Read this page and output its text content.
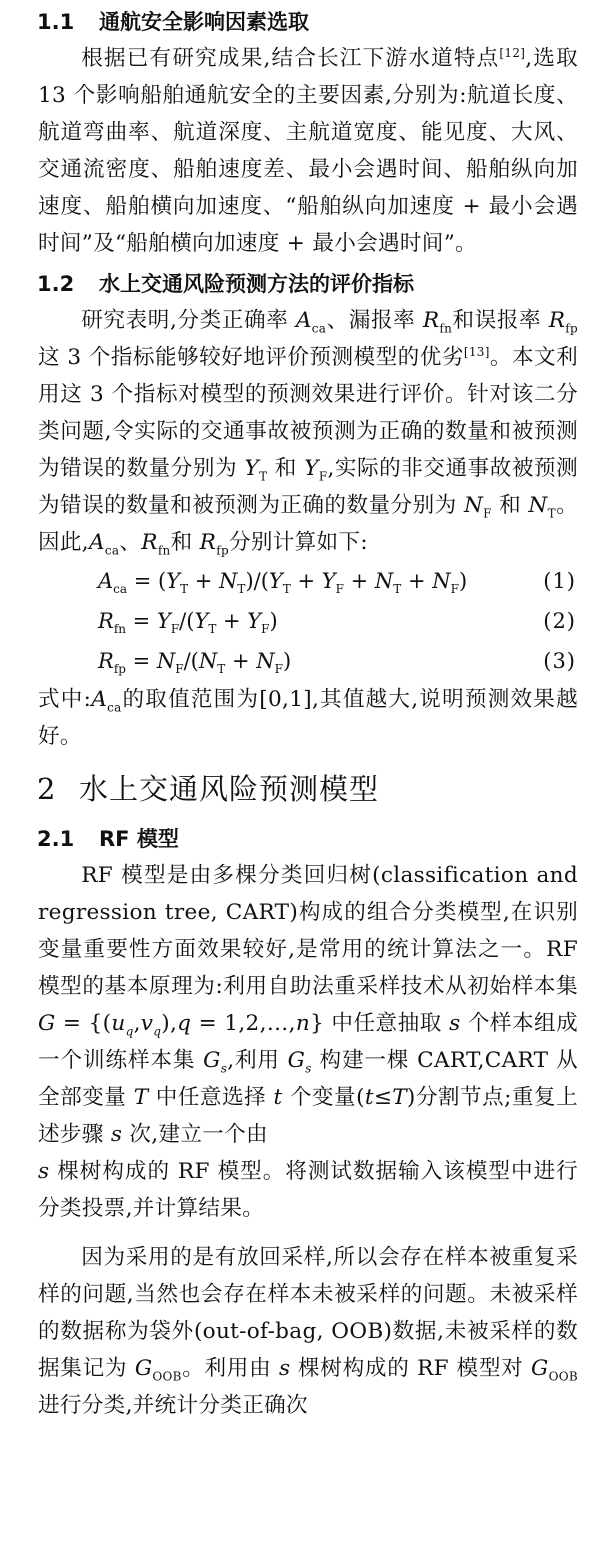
1.1 通航安全影响因素选取

根据已有研究成果,结合长江下游水道特点[12],选取 13 个影响船舶通航安全的主要因素,分别为:航道长度、航道弯曲率、航道深度、主航道宽度、能见度、大风、交通流密度、船舶速度差、最小会遇时间、船舶纵向加速度、船舶横向加速度、“船舶纵向加速度 + 最小会遇时间”及“船舶横向加速度 + 最小会遇时间”。

1.2 水上交通风险预测方法的评价指标

研究表明,分类正确率 $A_{ca}$、漏报率 $R_{fn}$和误报率 $R_{fp}$这 3 个指标能够较好地评价预测模型的优劣[13]。本文利用这 3 个指标对模型的预测效果进行评价。针对该二分类问题,令实际的交通事故被预测为正确的数量和被预测为错误的数量分别为 $Y_T$ 和 $Y_F$,实际的非交通事故被预测为错误的数量和被预测为正确的数量分别为 $N_F$ 和 $N_T$。因此$,A_{ca}$、$R_{fn}$和 $R_{fp}$分别计算如下:

$A_{ca} = (Y_T + N_T)/(Y_T + Y_F + N_T + N_F)$	(1)
$R_{fn} = Y_F/(Y_T + Y_F)$	(2)
$R_{fp} = N_F/(N_T + N_F)$	(3)

式中$:A_{ca}$的取值范围为[0,1],其值越大,说明预测效果越好。

2 水上交通风险预测模型
2.1 RF 模型

RF 模型是由多棵分类回归树(classification and regression tree, CART)构成的组合分类模型,在识别变量重要性方面效果较好,是常用的统计算法之一。RF 模型的基本原理为:利用自助法重采样技术从初始样本集 $G = \{(u_q,v_q),q$ = 1,2,…,n} 中任意抽取 s 个样本组成一个训练样本集 $G_s$,利用 $G_s$ 构建一棵 CART,CART 从全部变量 T 中任意选择 t 个变量(t≤T)分割节点;重复上述步骤 s 次,建立一个由
s 棵树构成的 RF 模型。将测试数据输入该模型中进行分类投票,并计算结果。

因为采用的是有放回采样,所以会存在样本被重复采样的问题,当然也会存在样本未被采样的问题。未被采样的数据称为袋外(out-of-bag, OOB)数据,未被采样的数据集记为 $G_{OOB}$。利用由 s 棵树构成的 RF 模型对 $G_{OOB}$进行分类,并统计分类正确次
